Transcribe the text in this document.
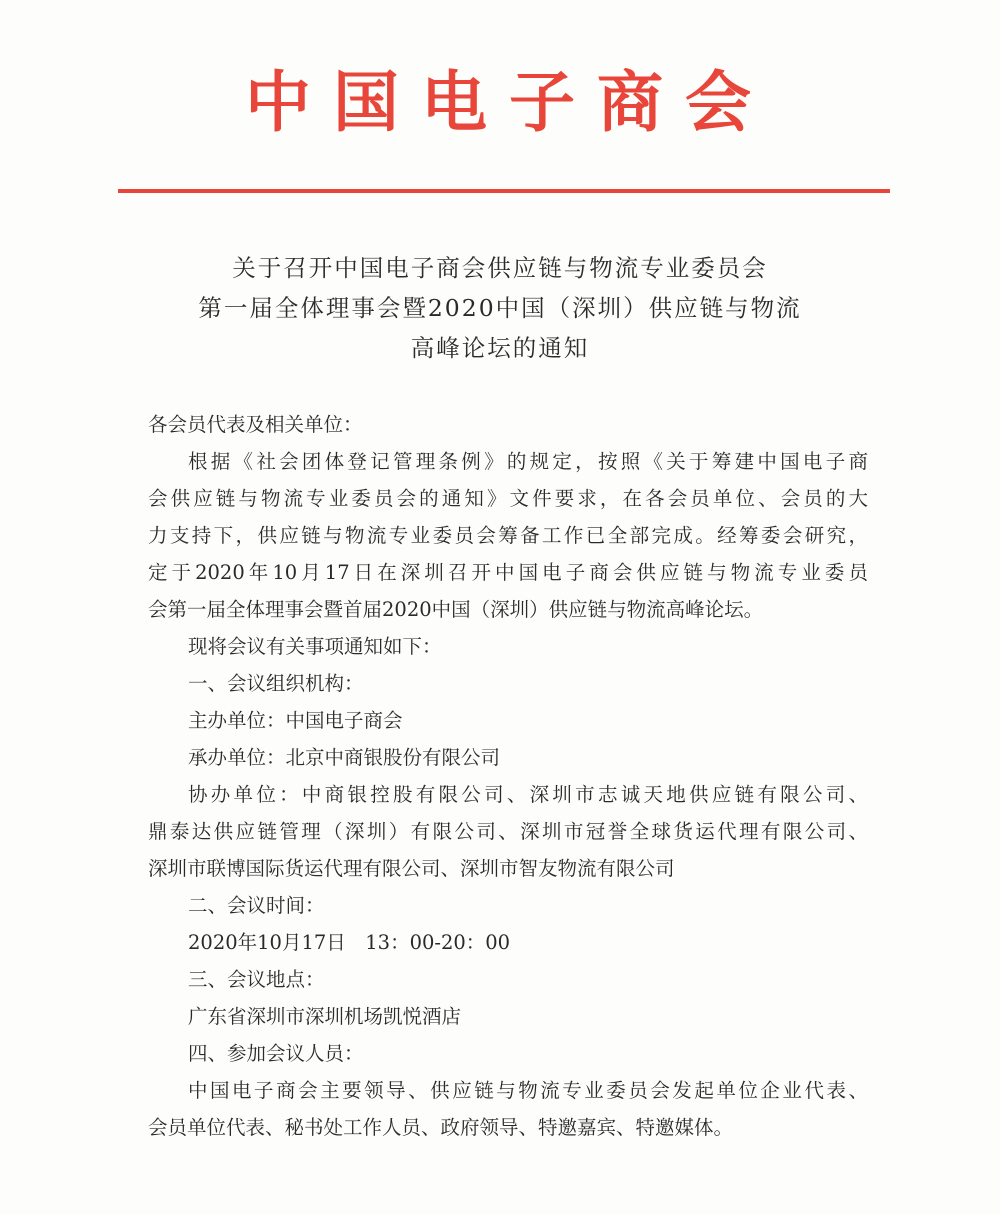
中国电子商会
关于召开中国电子商会供应链与物流专业委员会
第一届全体理事会暨2020中国（深圳）供应链与物流
高峰论坛的通知

各会员代表及相关单位：

根据《社会团体登记管理条例》的规定，按照《关于筹建中国电子商

会供应链与物流专业委员会的通知》文件要求，在各会员单位、会员的大

力支持下，供应链与物流专业委员会筹备工作已全部完成。经筹委会研究，

定于2020年10月17日在深圳召开中国电子商会供应链与物流专业委员

会第一届全体理事会暨首届2020中国（深圳）供应链与物流高峰论坛。

现将会议有关事项通知如下：

一、会议组织机构：

主办单位：中国电子商会

承办单位：北京中商银股份有限公司

协办单位：中商银控股有限公司、深圳市志诚天地供应链有限公司、

鼎泰达供应链管理（深圳）有限公司、深圳市冠誉全球货运代理有限公司、

深圳市联博国际货运代理有限公司、深圳市智友物流有限公司

二、会议时间：

2020年10月17日　13：00-20：00

三、会议地点：

广东省深圳市深圳机场凯悦酒店

四、参加会议人员：

中国电子商会主要领导、供应链与物流专业委员会发起单位企业代表、

会员单位代表、秘书处工作人员、政府领导、特邀嘉宾、特邀媒体。
